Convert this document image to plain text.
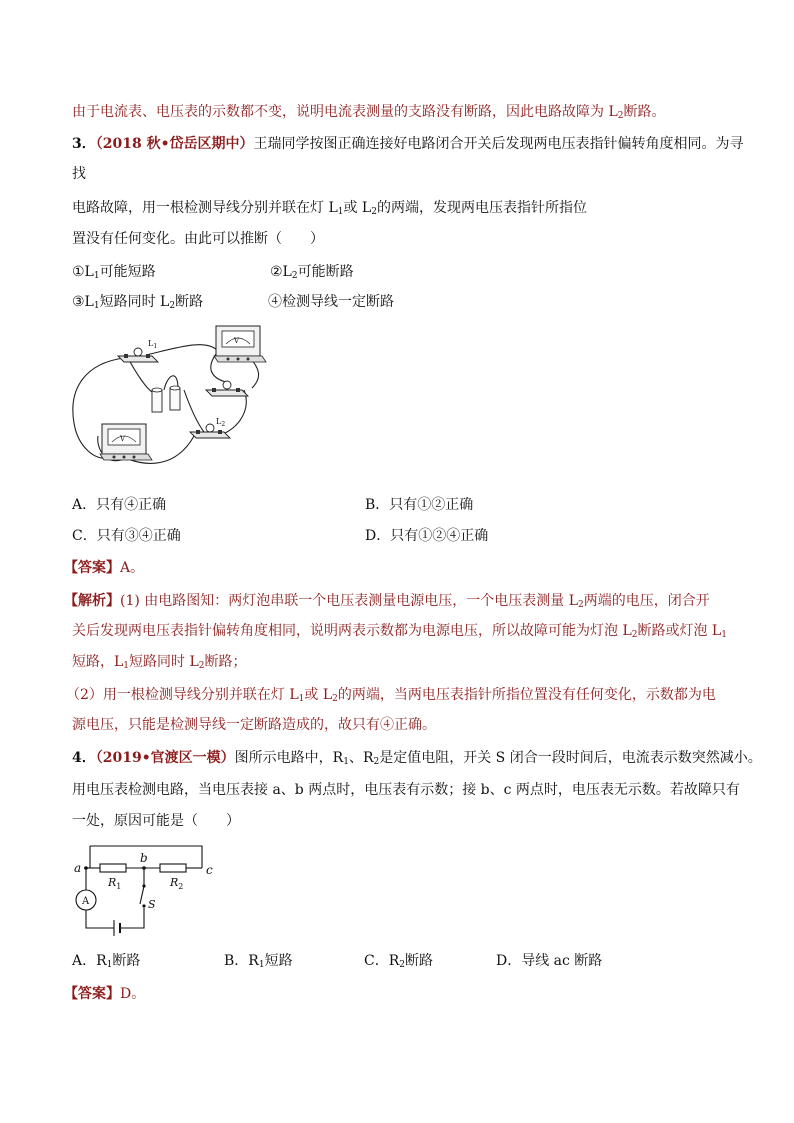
由于电流表、电压表的示数都不变，说明电流表测量的支路没有断路，因此电路故障为 $L_2$断路。
3．（2018 秋•岱岳区期中）王瑞同学按图正确连接好电路闭合开关后发现两电压表指针偏转角度相同。为寻
找
电路故障，用一根检测导线分别并联在灯 $L_1$或 $L_2$的两端，发现两电压表指针所指位
置没有任何变化。由此可以推断（　　）
$①L_1$可能短路	$②L_2$可能断路
$③L_1$短路同时 $L_2$断路	④检测导线一定断路
$L_1$
V
$L_2$
V
A．只有④正确	B．只有①②正确
C．只有③④正确	D．只有①②④正确
【答案】A。
【解析】(1) 由电路图知：两灯泡串联一个电压表测量电源电压，一个电压表测量 $L_2$两端的电压，闭合开
关后发现两电压表指针偏转角度相同，说明两表示数都为电源电压，所以故障可能为灯泡 $L_2$断路或灯泡 $L_1$
短路，$L_1$短路同时 $L_2$断路；
（2）用一根检测导线分别并联在灯 $L_1$或 $L_2$的两端，当两电压表指针所指位置没有任何变化，示数都为电
源电压，只能是检测导线一定断路造成的，故只有④正确。
4．（2019•官渡区一模）图所示电路中，$R_1$、$R_2$是定值电阻，开关 S 闭合一段时间后，电流表示数突然减小。
用电压表检测电路，当电压表接 a、b 两点时，电压表有示数；接 b、c 两点时，电压表无示数。若故障只有
一处，原因可能是（　　）
a
b
c
$R_1$	$R_2$
S
A
A．$R_1$断路	B．$R_1$短路	C．$R_2$断路	D．导线 ac 断路
【答案】D。
